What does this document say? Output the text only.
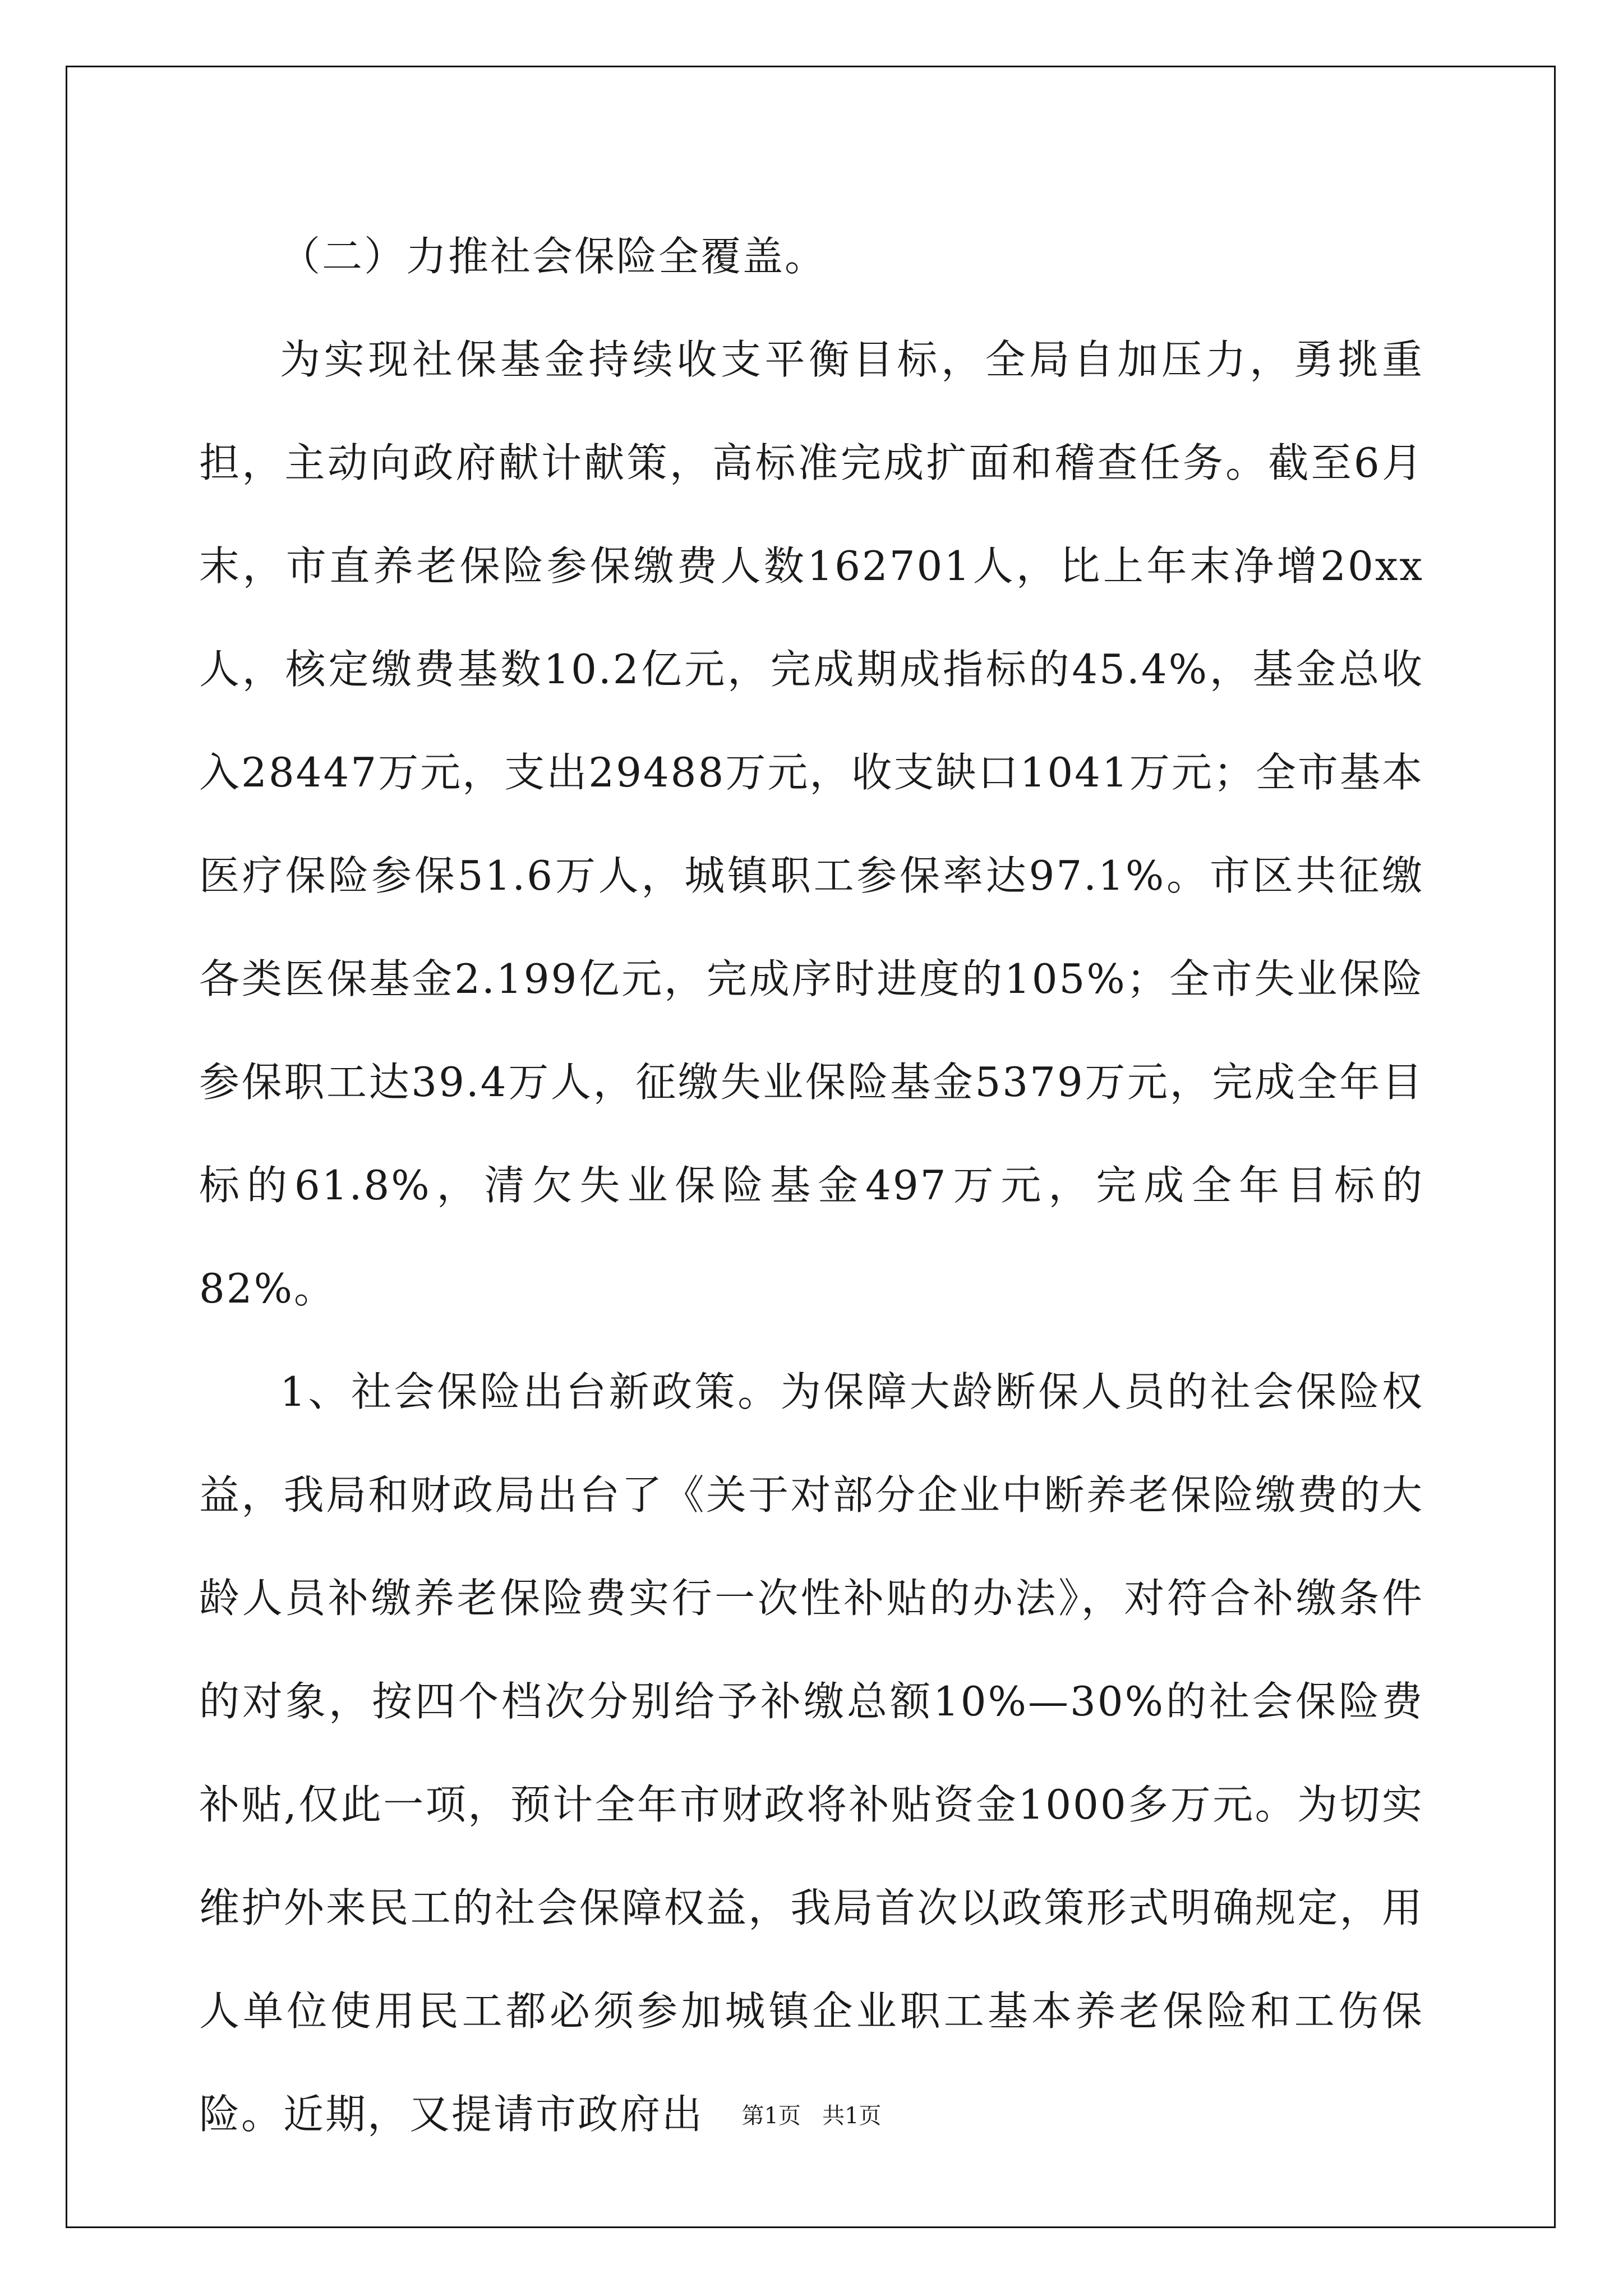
（二）力推社会保险全覆盖。

为实现社保基金持续收支平衡目标，全局自加压力，勇挑重担，主动向政府献计献策，高标准完成扩面和稽查任务。截至6月末，市直养老保险参保缴费人数162701人，比上年末净增20xx人，核定缴费基数10.2亿元，完成期成指标的45.4%，基金总收入28447万元，支出29488万元，收支缺口1041万元；全市基本医疗保险参保51.6万人，城镇职工参保率达97.1%。市区共征缴各类医保基金2.199亿元，完成序时进度的105%；全市失业保险参保职工达39.4万人，征缴失业保险基金5379万元，完成全年目标的61.8%，清欠失业保险基金497万元，完成全年目标的82%。

1、社会保险出台新政策。为保障大龄断保人员的社会保险权益，我局和财政局出台了《关于对部分企业中断养老保险缴费的大龄人员补缴养老保险费实行一次性补贴的办法》，对符合补缴条件的对象，按四个档次分别给予补缴总额10%—30%的社会保险费补贴,仅此一项，预计全年市财政将补贴资金1000多万元。为切实维护外来民工的社会保障权益，我局首次以政策形式明确规定，用人单位使用民工都必须参加城镇企业职工基本养老保险和工伤保险。近期，又提请市政府出	第1页 共1页
